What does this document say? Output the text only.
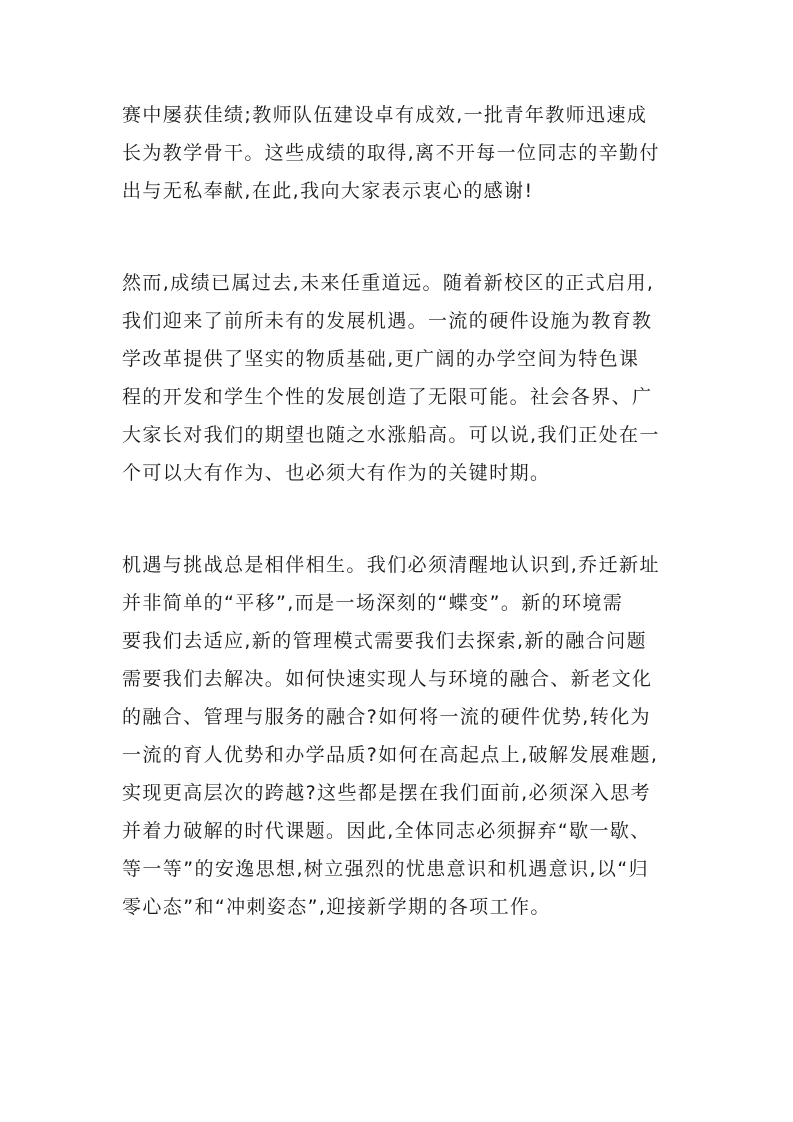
赛中屡获佳绩;教师队伍建设卓有成效,一批青年教师迅速成
长为教学骨干。这些成绩的取得,离不开每一位同志的辛勤付
出与无私奉献,在此,我向大家表示衷心的感谢!
然而,成绩已属过去,未来任重道远。随着新校区的正式启用,
我们迎来了前所未有的发展机遇。一流的硬件设施为教育教
学改革提供了坚实的物质基础,更广阔的办学空间为特色课
程的开发和学生个性的发展创造了无限可能。社会各界、广
大家长对我们的期望也随之水涨船高。可以说,我们正处在一
个可以大有作为、也必须大有作为的关键时期。
机遇与挑战总是相伴相生。我们必须清醒地认识到,乔迁新址
并非简单的“平移”,而是一场深刻的“蝶变”。新的环境需
要我们去适应,新的管理模式需要我们去探索,新的融合问题
需要我们去解决。如何快速实现人与环境的融合、新老文化
的融合、管理与服务的融合?如何将一流的硬件优势,转化为
一流的育人优势和办学品质?如何在高起点上,破解发展难题,
实现更高层次的跨越?这些都是摆在我们面前,必须深入思考
并着力破解的时代课题。因此,全体同志必须摒弃“歇一歇、
等一等”的安逸思想,树立强烈的忧患意识和机遇意识,以“归
零心态”和“冲刺姿态”,迎接新学期的各项工作。
